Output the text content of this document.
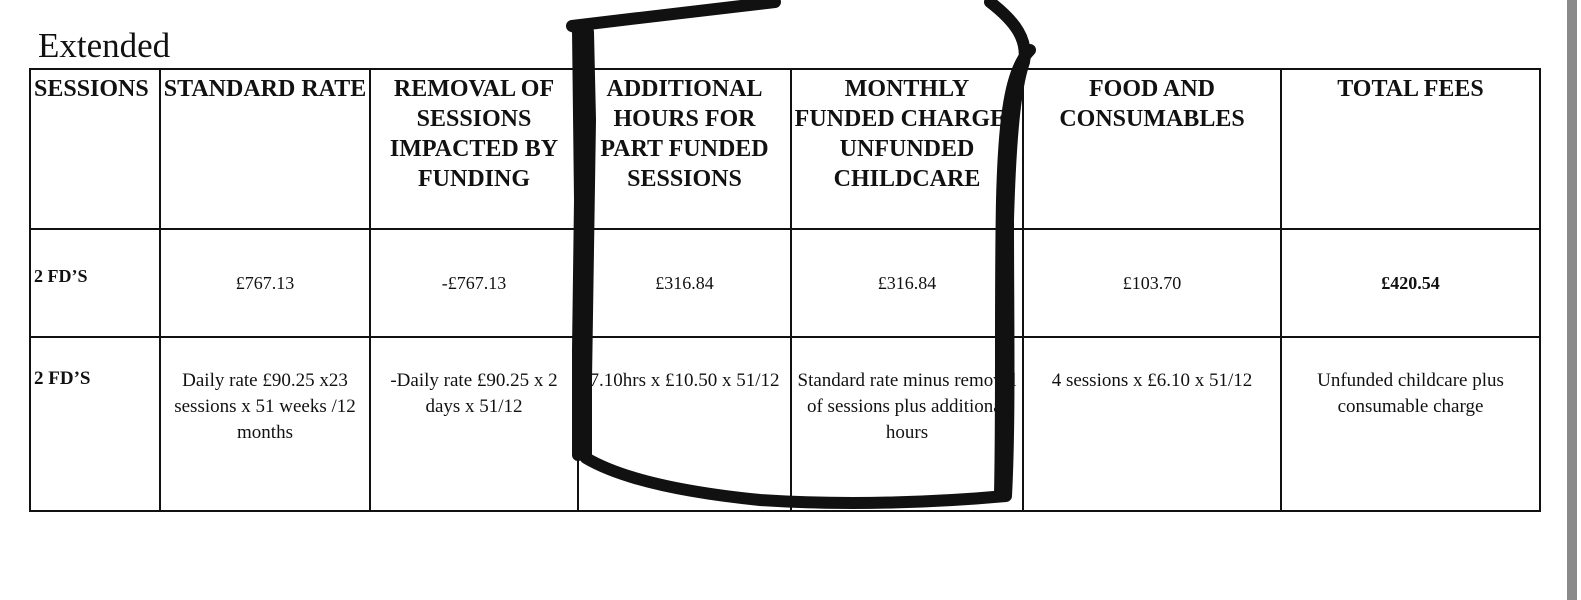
Extended
SESSIONS	STANDARD RATE	REMOVAL OF SESSIONS IMPACTED BY FUNDING	ADDITIONAL HOURS FOR PART FUNDED SESSIONS	MONTHLY FUNDED CHARGES UNFUNDED CHILDCARE	FOOD AND CONSUMABLES	TOTAL FEES
2 FD’S	£767.13	-£767.13	£316.84	£316.84	£103.70	£420.54
2 FD’S	Daily rate £90.25 x23 sessions x 51 weeks /12 months	-Daily rate £90.25 x 2 days x 51/12	7.10hrs x £10.50 x 51/12	Standard rate minus removal of sessions plus additional hours	4 sessions x £6.10 x 51/12	Unfunded childcare plus consumable charge
